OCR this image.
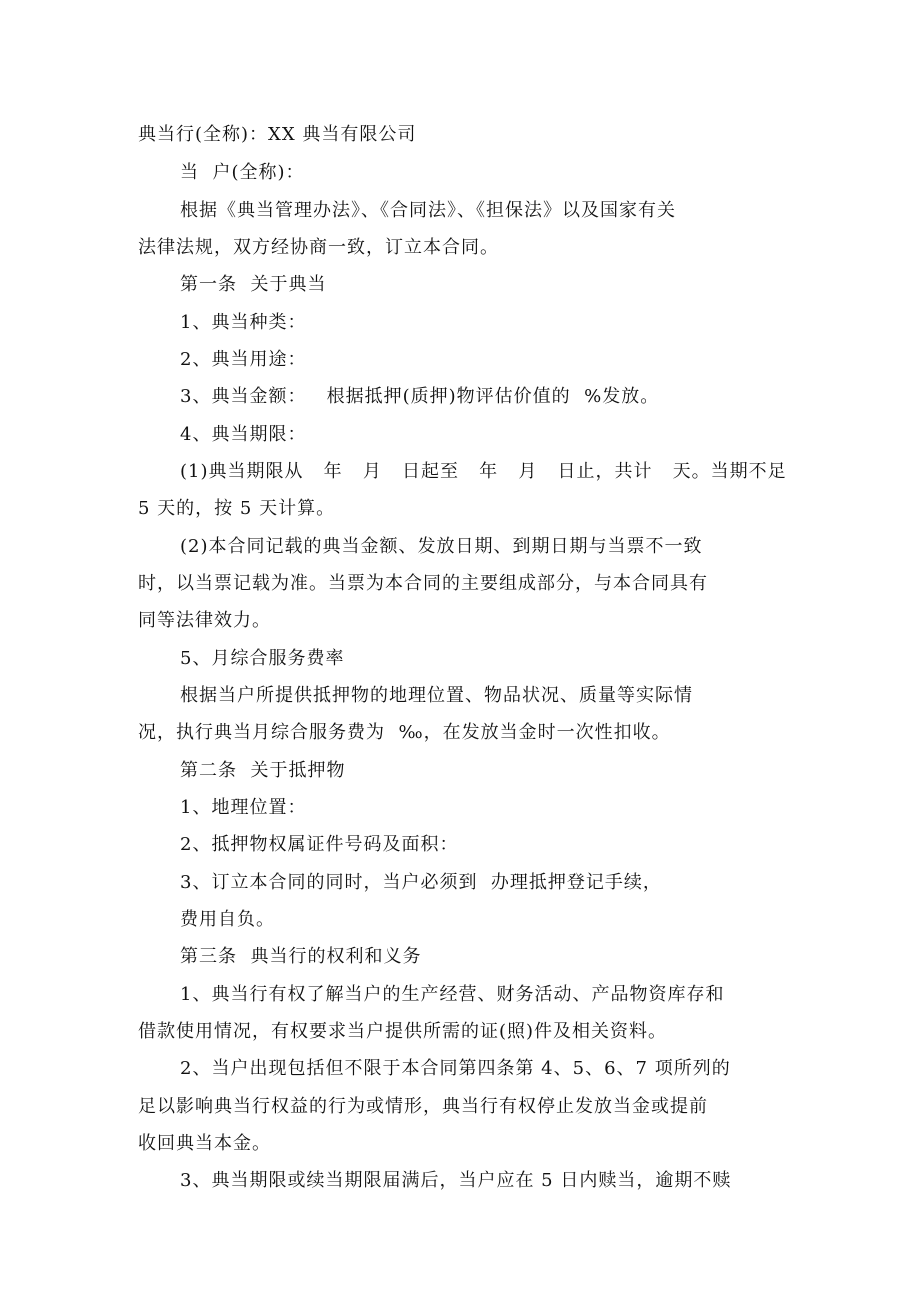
典当行(全称)：XX 典当有限公司
当  户(全称)：
根据《典当管理办法》、《合同法》、《担保法》以及国家有关
法律法规，双方经协商一致，订立本合同。
第一条  关于典当
1、典当种类：
2、典当用途：
3、典当金额：   根据抵押(质押)物评估价值的  %发放。
4、典当期限：
(1)典当期限从   年   月   日起至   年   月   日止，共计   天。当期不足
5 天的，按 5 天计算。
(2)本合同记载的典当金额、发放日期、到期日期与当票不一致
时，以当票记载为准。当票为本合同的主要组成部分，与本合同具有
同等法律效力。
5、月综合服务费率
根据当户所提供抵押物的地理位置、物品状况、质量等实际情
况，执行典当月综合服务费为  ‰，在发放当金时一次性扣收。
第二条  关于抵押物
1、地理位置：
2、抵押物权属证件号码及面积：
3、订立本合同的同时，当户必须到  办理抵押登记手续，
费用自负。
第三条  典当行的权利和义务
1、典当行有权了解当户的生产经营、财务活动、产品物资库存和
借款使用情况，有权要求当户提供所需的证(照)件及相关资料。
2、当户出现包括但不限于本合同第四条第 4、5、6、7 项所列的
足以影响典当行权益的行为或情形，典当行有权停止发放当金或提前
收回典当本金。
3、典当期限或续当期限届满后，当户应在 5 日内赎当，逾期不赎
